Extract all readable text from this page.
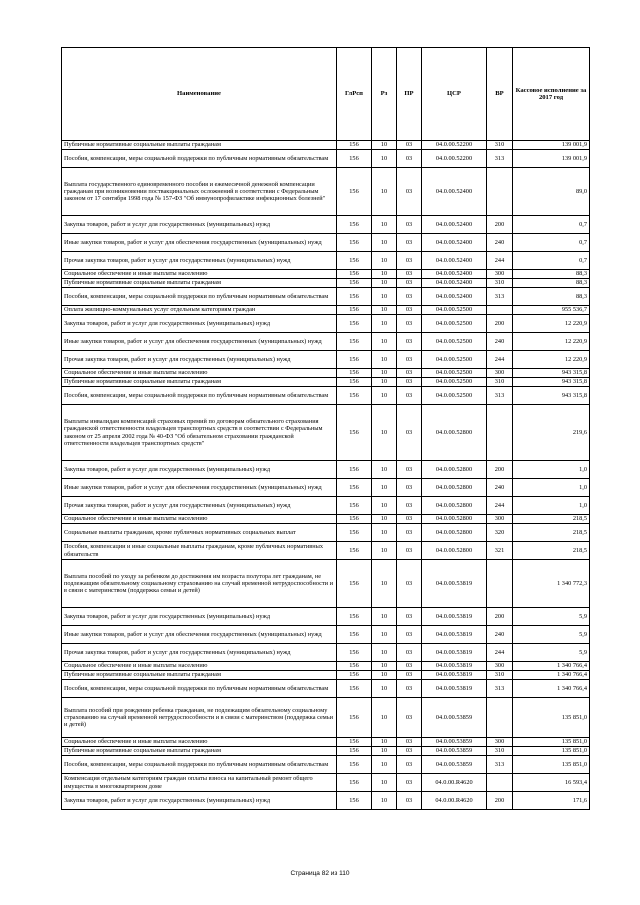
Наименование	ГлРсп	Рз	ПР	ЦСР	ВР	Кассовое исполнение за 2017 год
Публичные нормативные социальные выплаты гражданам	156	10	03	04.0.00.52200	310	139 001,9
Пособия, компенсации, меры социальной поддержки по публичным нормативным обязательствам	156	10	03	04.0.00.52200	313	139 001,9
Выплата государственного единовременного пособия и ежемесячной денежной компенсации гражданам при возникновении поствакцинальных осложнений в соответствии с Федеральным законом от 17 сентября 1998 года № 157-ФЗ "Об иммунопрофилактике инфекционных болезней"	156	10	03	04.0.00.52400		89,0
Закупка товаров, работ и услуг для государственных (муниципальных) нужд	156	10	03	04.0.00.52400	200	0,7
Иные закупки товаров, работ и услуг для обеспечения государственных (муниципальных) нужд	156	10	03	04.0.00.52400	240	0,7
Прочая закупка товаров, работ и услуг для государственных (муниципальных) нужд	156	10	03	04.0.00.52400	244	0,7
Социальное обеспечение и иные выплаты населению	156	10	03	04.0.00.52400	300	88,3
Публичные нормативные социальные выплаты гражданам	156	10	03	04.0.00.52400	310	88,3
Пособия, компенсации, меры социальной поддержки по публичным нормативным обязательствам	156	10	03	04.0.00.52400	313	88,3
Оплата жилищно-коммунальных услуг отдельным категориям граждан	156	10	03	04.0.00.52500		955 536,7
Закупка товаров, работ и услуг для государственных (муниципальных) нужд	156	10	03	04.0.00.52500	200	12 220,9
Иные закупки товаров, работ и услуг для обеспечения государственных (муниципальных) нужд	156	10	03	04.0.00.52500	240	12 220,9
Прочая закупка товаров, работ и услуг для государственных (муниципальных) нужд	156	10	03	04.0.00.52500	244	12 220,9
Социальное обеспечение и иные выплаты населению	156	10	03	04.0.00.52500	300	943 315,8
Публичные нормативные социальные выплаты гражданам	156	10	03	04.0.00.52500	310	943 315,8
Пособия, компенсации, меры социальной поддержки по публичным нормативным обязательствам	156	10	03	04.0.00.52500	313	943 315,8
Выплаты инвалидам компенсаций страховых премий по договорам обязательного страхования гражданской ответственности владельцев транспортных средств в соответствии с Федеральным законом от 25 апреля 2002 года № 40-ФЗ "Об обязательном страховании гражданской ответственности владельцев транспортных средств"	156	10	03	04.0.00.52800		219,6
Закупка товаров, работ и услуг для государственных (муниципальных) нужд	156	10	03	04.0.00.52800	200	1,0
Иные закупки товаров, работ и услуг для обеспечения государственных (муниципальных) нужд	156	10	03	04.0.00.52800	240	1,0
Прочая закупка товаров, работ и услуг для государственных (муниципальных) нужд	156	10	03	04.0.00.52800	244	1,0
Социальное обеспечение и иные выплаты населению	156	10	03	04.0.00.52800	300	218,5
Социальные выплаты гражданам, кроме публичных нормативных социальных выплат	156	10	03	04.0.00.52800	320	218,5
Пособия, компенсации и иные социальные выплаты гражданам, кроме публичных нормативных обязательств	156	10	03	04.0.00.52800	321	218,5
Выплата пособий по уходу за ребенком до достижения им возраста полутора лет гражданам, не подлежащим обязательному социальному страхованию на случай временной нетрудоспособности и в связи с материнством (поддержка семьи и детей)	156	10	03	04.0.00.53819		1 340 772,3
Закупка товаров, работ и услуг для государственных (муниципальных) нужд	156	10	03	04.0.00.53819	200	5,9
Иные закупки товаров, работ и услуг для обеспечения государственных (муниципальных) нужд	156	10	03	04.0.00.53819	240	5,9
Прочая закупка товаров, работ и услуг для государственных (муниципальных) нужд	156	10	03	04.0.00.53819	244	5,9
Социальное обеспечение и иные выплаты населению	156	10	03	04.0.00.53819	300	1 340 766,4
Публичные нормативные социальные выплаты гражданам	156	10	03	04.0.00.53819	310	1 340 766,4
Пособия, компенсации, меры социальной поддержки по публичным нормативным обязательствам	156	10	03	04.0.00.53819	313	1 340 766,4
Выплата пособий при рождении ребенка гражданам, не подлежащим обязательному социальному страхованию на случай временной нетрудоспособности и в связи с материнством (поддержка семьи и детей)	156	10	03	04.0.00.53859		135 851,0
Социальное обеспечение и иные выплаты населению	156	10	03	04.0.00.53859	300	135 851,0
Публичные нормативные социальные выплаты гражданам	156	10	03	04.0.00.53859	310	135 851,0
Пособия, компенсации, меры социальной поддержки по публичным нормативным обязательствам	156	10	03	04.0.00.53859	313	135 851,0
Компенсация отдельным категориям граждан оплаты взноса на капитальный ремонт общего имущества в многоквартирном доме	156	10	03	04.0.00.R4620		16 593,4
Закупка товаров, работ и услуг для государственных (муниципальных) нужд	156	10	03	04.0.00.R4620	200	171,6
Страница 82 из 110
